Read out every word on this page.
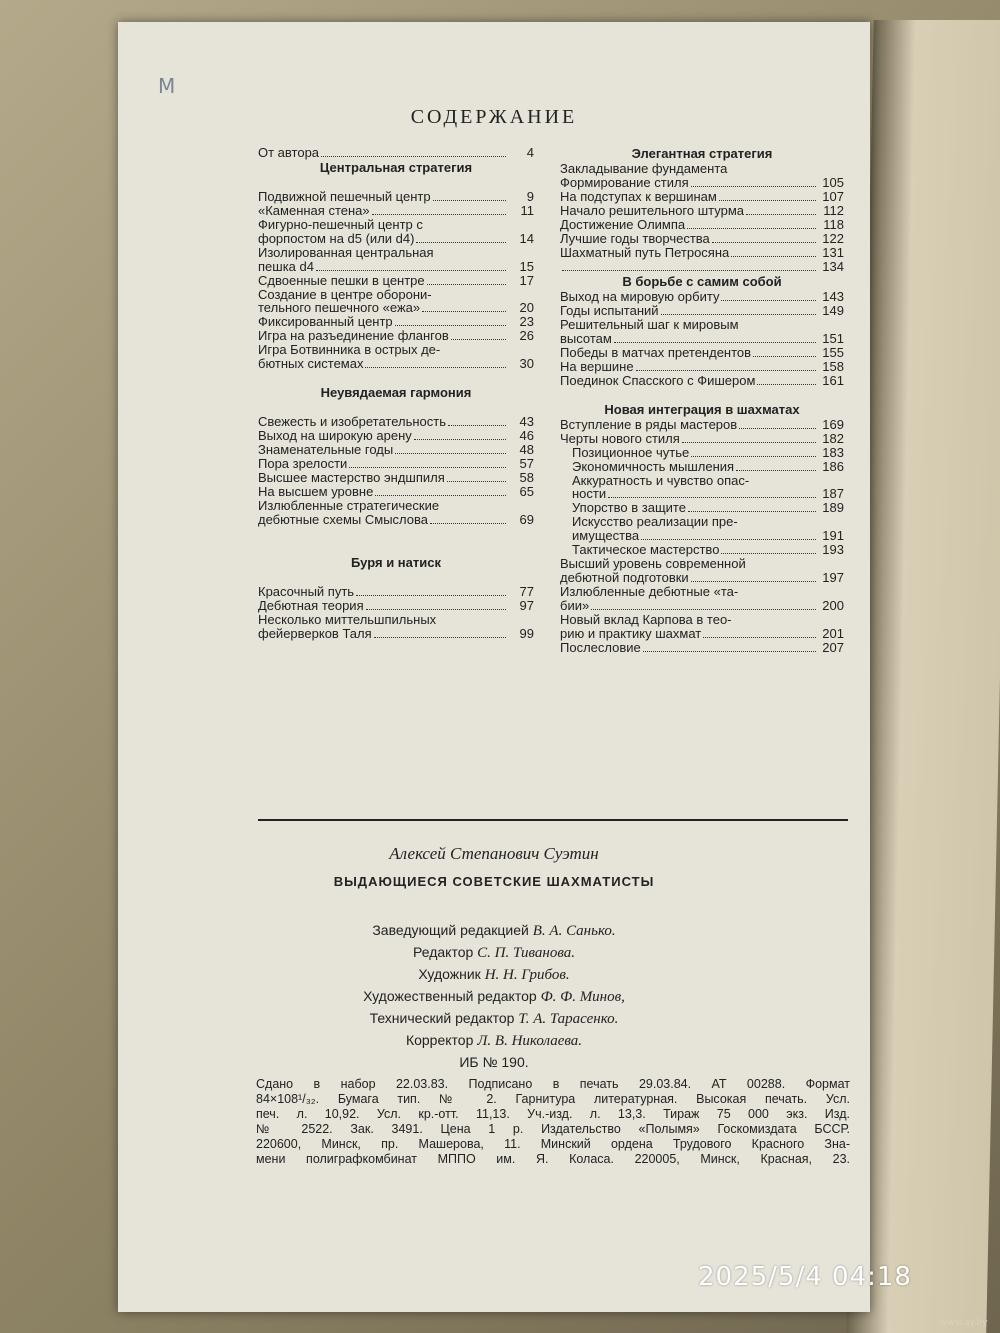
М
СОДЕРЖАНИЕ
От автора	4
Центральная стратегия
Подвижной пешечный центр	9
«Каменная стена»	11
Фигурно-пешечный центр с
форпостом на d5 (или d4)	14
Изолированная центральная
пешка d4	15
Сдвоенные пешки в центре	17
Создание в центре оборони-
тельного пешечного «ежа»	20
Фиксированный центр	23
Игра на разъединение флангов	26
Игра Ботвинника в острых де-
бютных системах	30
Неувядаемая гармония
Свежесть и изобретательность	43
Выход на широкую арену	46
Знаменательные годы	48
Пора зрелости	57
Высшее мастерство эндшпиля	58
На высшем уровне	65
Излюбленные стратегические
дебютные схемы Смыслова	69
Буря и натиск
Красочный путь	77
Дебютная теория	97
Несколько миттельшпильных
фейерверков Таля	99
Элегантная стратегия
Закладывание фундамента
Формирование стиля	105
На подступах к вершинам	107
Начало решительного штурма	112
Достижение Олимпа	118
Лучшие годы творчества	122
Шахматный путь Петросяна	131
134
В борьбе с самим собой
Выход на мировую орбиту	143
Годы испытаний	149
Решительный шаг к мировым
высотам	151
Победы в матчах претендентов	155
На вершине	158
Поединок Спасского с Фишером	161
Новая интеграция в шахматах
Вступление в ряды мастеров	169
Черты нового стиля	182
Позиционное чутье	183
Экономичность мышления	186
Аккуратность и чувство опас-
ности	187
Упорство в защите	189
Искусство реализации пре-
имущества	191
Тактическое мастерство	193
Высший уровень современной
дебютной подготовки	197
Излюбленные дебютные «та-
бии»	200
Новый вклад Карпова в тео-
рию и практику шахмат	201
Послесловие	207
Алексей Степанович Суэтин
ВЫДАЮЩИЕСЯ СОВЕТСКИЕ ШАХМАТИСТЫ
Заведующий редакцией В. А. Санько.
Редактор С. П. Тиванова.
Художник Н. Н. Грибов.
Художественный редактор Ф. Ф. Минов,
Технический редактор Т. А. Тарасенко.
Корректор Л. В. Николаева.
ИБ № 190.
Сдано в набор 22.03.83. Подписано в печать 29.03.84. АТ 00288. Формат
84×108¹/₃₂. Бумага тип. № 2. Гарнитура литературная. Высокая печать. Усл.
печ. л. 10,92. Усл. кр.-отт. 11,13. Уч.-изд. л. 13,3. Тираж 75 000 экз. Изд.
№ 2522. Зак. 3491. Цена 1 р. Издательство «Полымя» Госкомиздата БССР.
220600, Минск, пр. Машерова, 11. Минский ордена Трудового Красного Зна-
мени полиграфкомбинат МППО им. Я. Коласа. 220005, Минск, Красная, 23.
2025/5/4 04:18
www.ay.by
